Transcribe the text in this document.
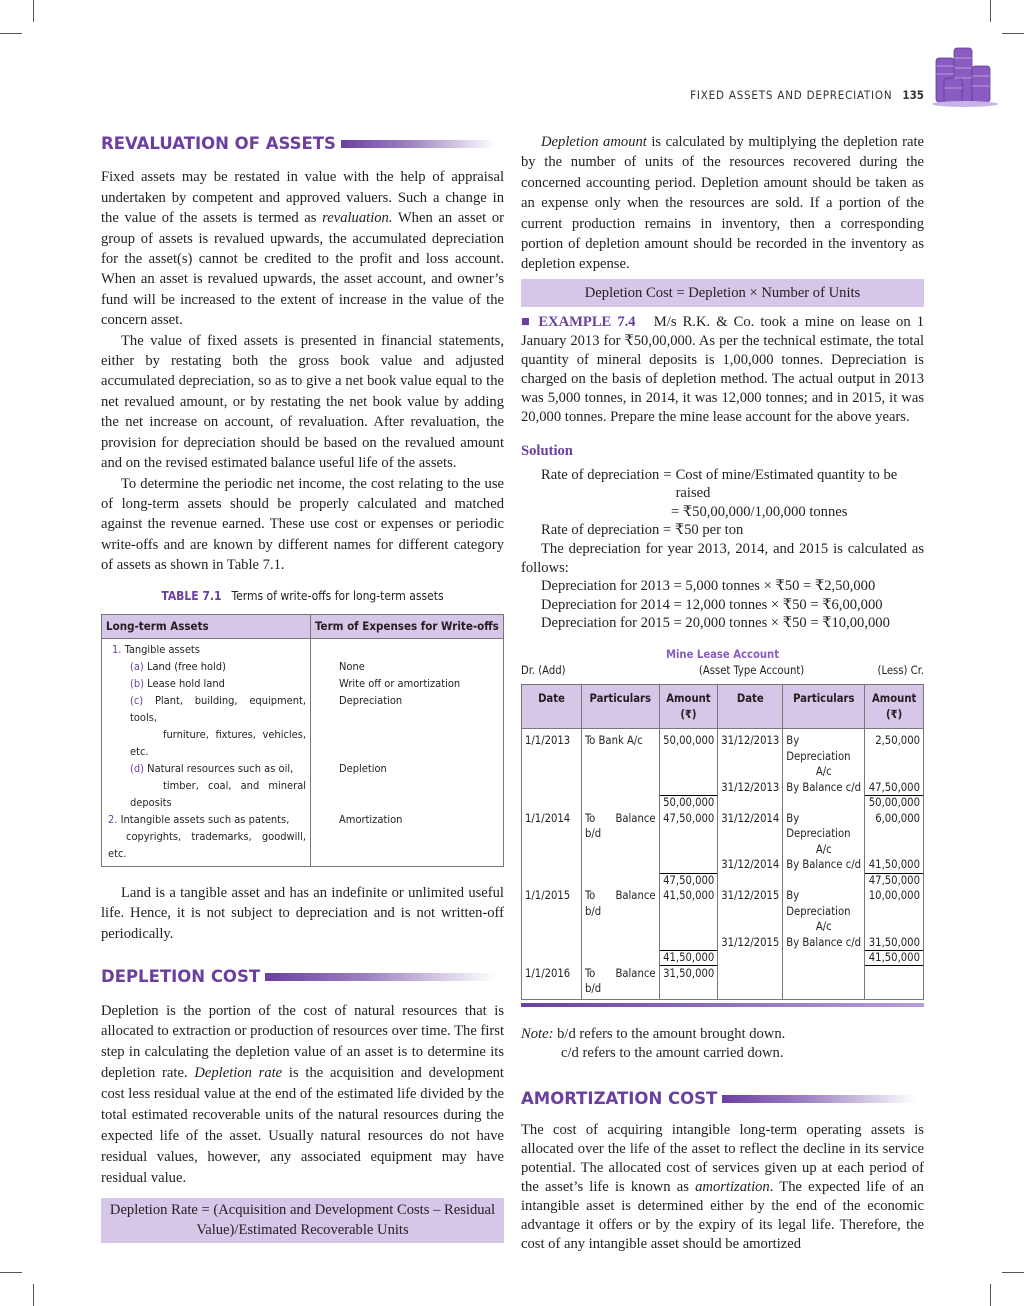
FIXED ASSETS AND DEPRECIATION 135
REVALUATION OF ASSETS

Fixed assets may be restated in value with the help of appraisal undertaken by competent and approved valuers. Such a change in the value of the assets is termed as revaluation. When an asset or group of assets is revalued upwards, the accumulated depreciation for the asset(s) cannot be credited to the profit and loss account. When an asset is revalued upwards, the asset account, and owner’s fund will be increased to the extent of increase in the value of the concern asset.

The value of fixed assets is presented in financial statements, either by restating both the gross book value and adjusted accumulated depreciation, so as to give a net book value equal to the net revalued amount, or by restating the net book value by adding the net increase on account, of revaluation. After revaluation, the provision for depreciation should be based on the revalued amount and on the revised estimated balance useful life of the assets.

To determine the periodic net income, the cost relating to the use of long-term assets should be properly calculated and matched against the revenue earned. These use cost or expenses or periodic write-offs and are known by different names for different category of assets as shown in Table 7.1.

TABLE 7.1 Terms of write-offs for long-term assets
Long-term Assets	Term of Expenses for Write-offs
1. Tangible assets	
(a) Land (free hold)	None
(b) Lease hold land	Write off or amortization
(c) Plant, building, equipment, tools,
furniture, fixtures, vehicles, etc.	Depreciation
(d) Natural resources such as oil,
timber, coal, and mineral deposits	Depletion
2. Intangible assets such as patents,
copyrights, trademarks, goodwill, etc.	Amortization

Land is a tangible asset and has an indefinite or unlimited useful life. Hence, it is not subject to depreciation and is not written-off periodically.

DEPLETION COST

Depletion is the portion of the cost of natural resources that is allocated to extraction or production of resources over time. The first step in calculating the depletion value of an asset is to determine its depletion rate. Depletion rate is the acquisition and development cost less residual value at the end of the estimated life divided by the total estimated recoverable units of the natural resources during the expected life of the asset. Usually natural resources do not have residual values, however, any associated equipment may have residual value.

Depletion Rate = (Acquisition and Development Costs – Residual
Value)/Estimated Recoverable Units

Depletion amount is calculated by multiplying the depletion rate by the number of units of the resources recovered during the concerned accounting period. Depletion amount should be taken as an expense only when the resources are sold. If a portion of the current production remains in inventory, then a corresponding portion of depletion amount should be recorded in the inventory as depletion expense.

Depletion Cost = Depletion × Number of Units

■ EXAMPLE 7.4 M/s R.K. & Co. took a mine on lease on 1 January 2013 for ₹50,00,000. As per the technical estimate, the total quantity of mineral deposits is 1,00,000 tonnes. Depreciation is charged on the basis of depletion method. The actual output in 2013 was 5,000 tonnes, in 2014, it was 12,000 tonnes; and in 2015, it was 20,000 tonnes. Prepare the mine lease account for the above years.

Solution
Rate of depreciation = Cost of mine/Estimated quantity to be raised
= ₹50,00,000/1,00,000 tonnes
Rate of depreciation = ₹50 per ton
The depreciation for year 2013, 2014, and 2015 is calculated as follows:
Depreciation for 2013 = 5,000 tonnes × ₹50 = ₹2,50,000
Depreciation for 2014 = 12,000 tonnes × ₹50 = ₹6,00,000
Depreciation for 2015 = 20,000 tonnes × ₹50 = ₹10,00,000
Mine Lease Account
Dr. (Add)	(Asset Type Account)	(Less) Cr.
Date	Particulars	Amount
(₹)	Date	Particulars	Amount
(₹)
1/1/2013	To Bank A/c	50,00,000	31/12/2013	By Depreciation	2,50,000
				A/c	
			31/12/2013	By Balance c/d	47,50,000
		50,00,000			50,00,000
1/1/2014	To Balance b/d	47,50,000	31/12/2014	By Depreciation	6,00,000
				A/c	
			31/12/2014	By Balance c/d	41,50,000
		47,50,000			47,50,000
1/1/2015	To Balance b/d	41,50,000	31/12/2015	By Depreciation	10,00,000
				A/c	
			31/12/2015	By Balance c/d	31,50,000
		41,50,000			41,50,000
1/1/2016	To Balance b/d	31,50,000			
Note: b/d refers to the amount brought down.
c/d refers to the amount carried down.
AMORTIZATION COST

The cost of acquiring intangible long-term operating assets is allocated over the life of the asset to reflect the decline in its service potential. The allocated cost of services given up at each period of the asset’s life is known as amortization. The expected life of an intangible asset is determined either by the end of the economic advantage it offers or by the expiry of its legal life. Therefore, the cost of any intangible asset should be amortized
